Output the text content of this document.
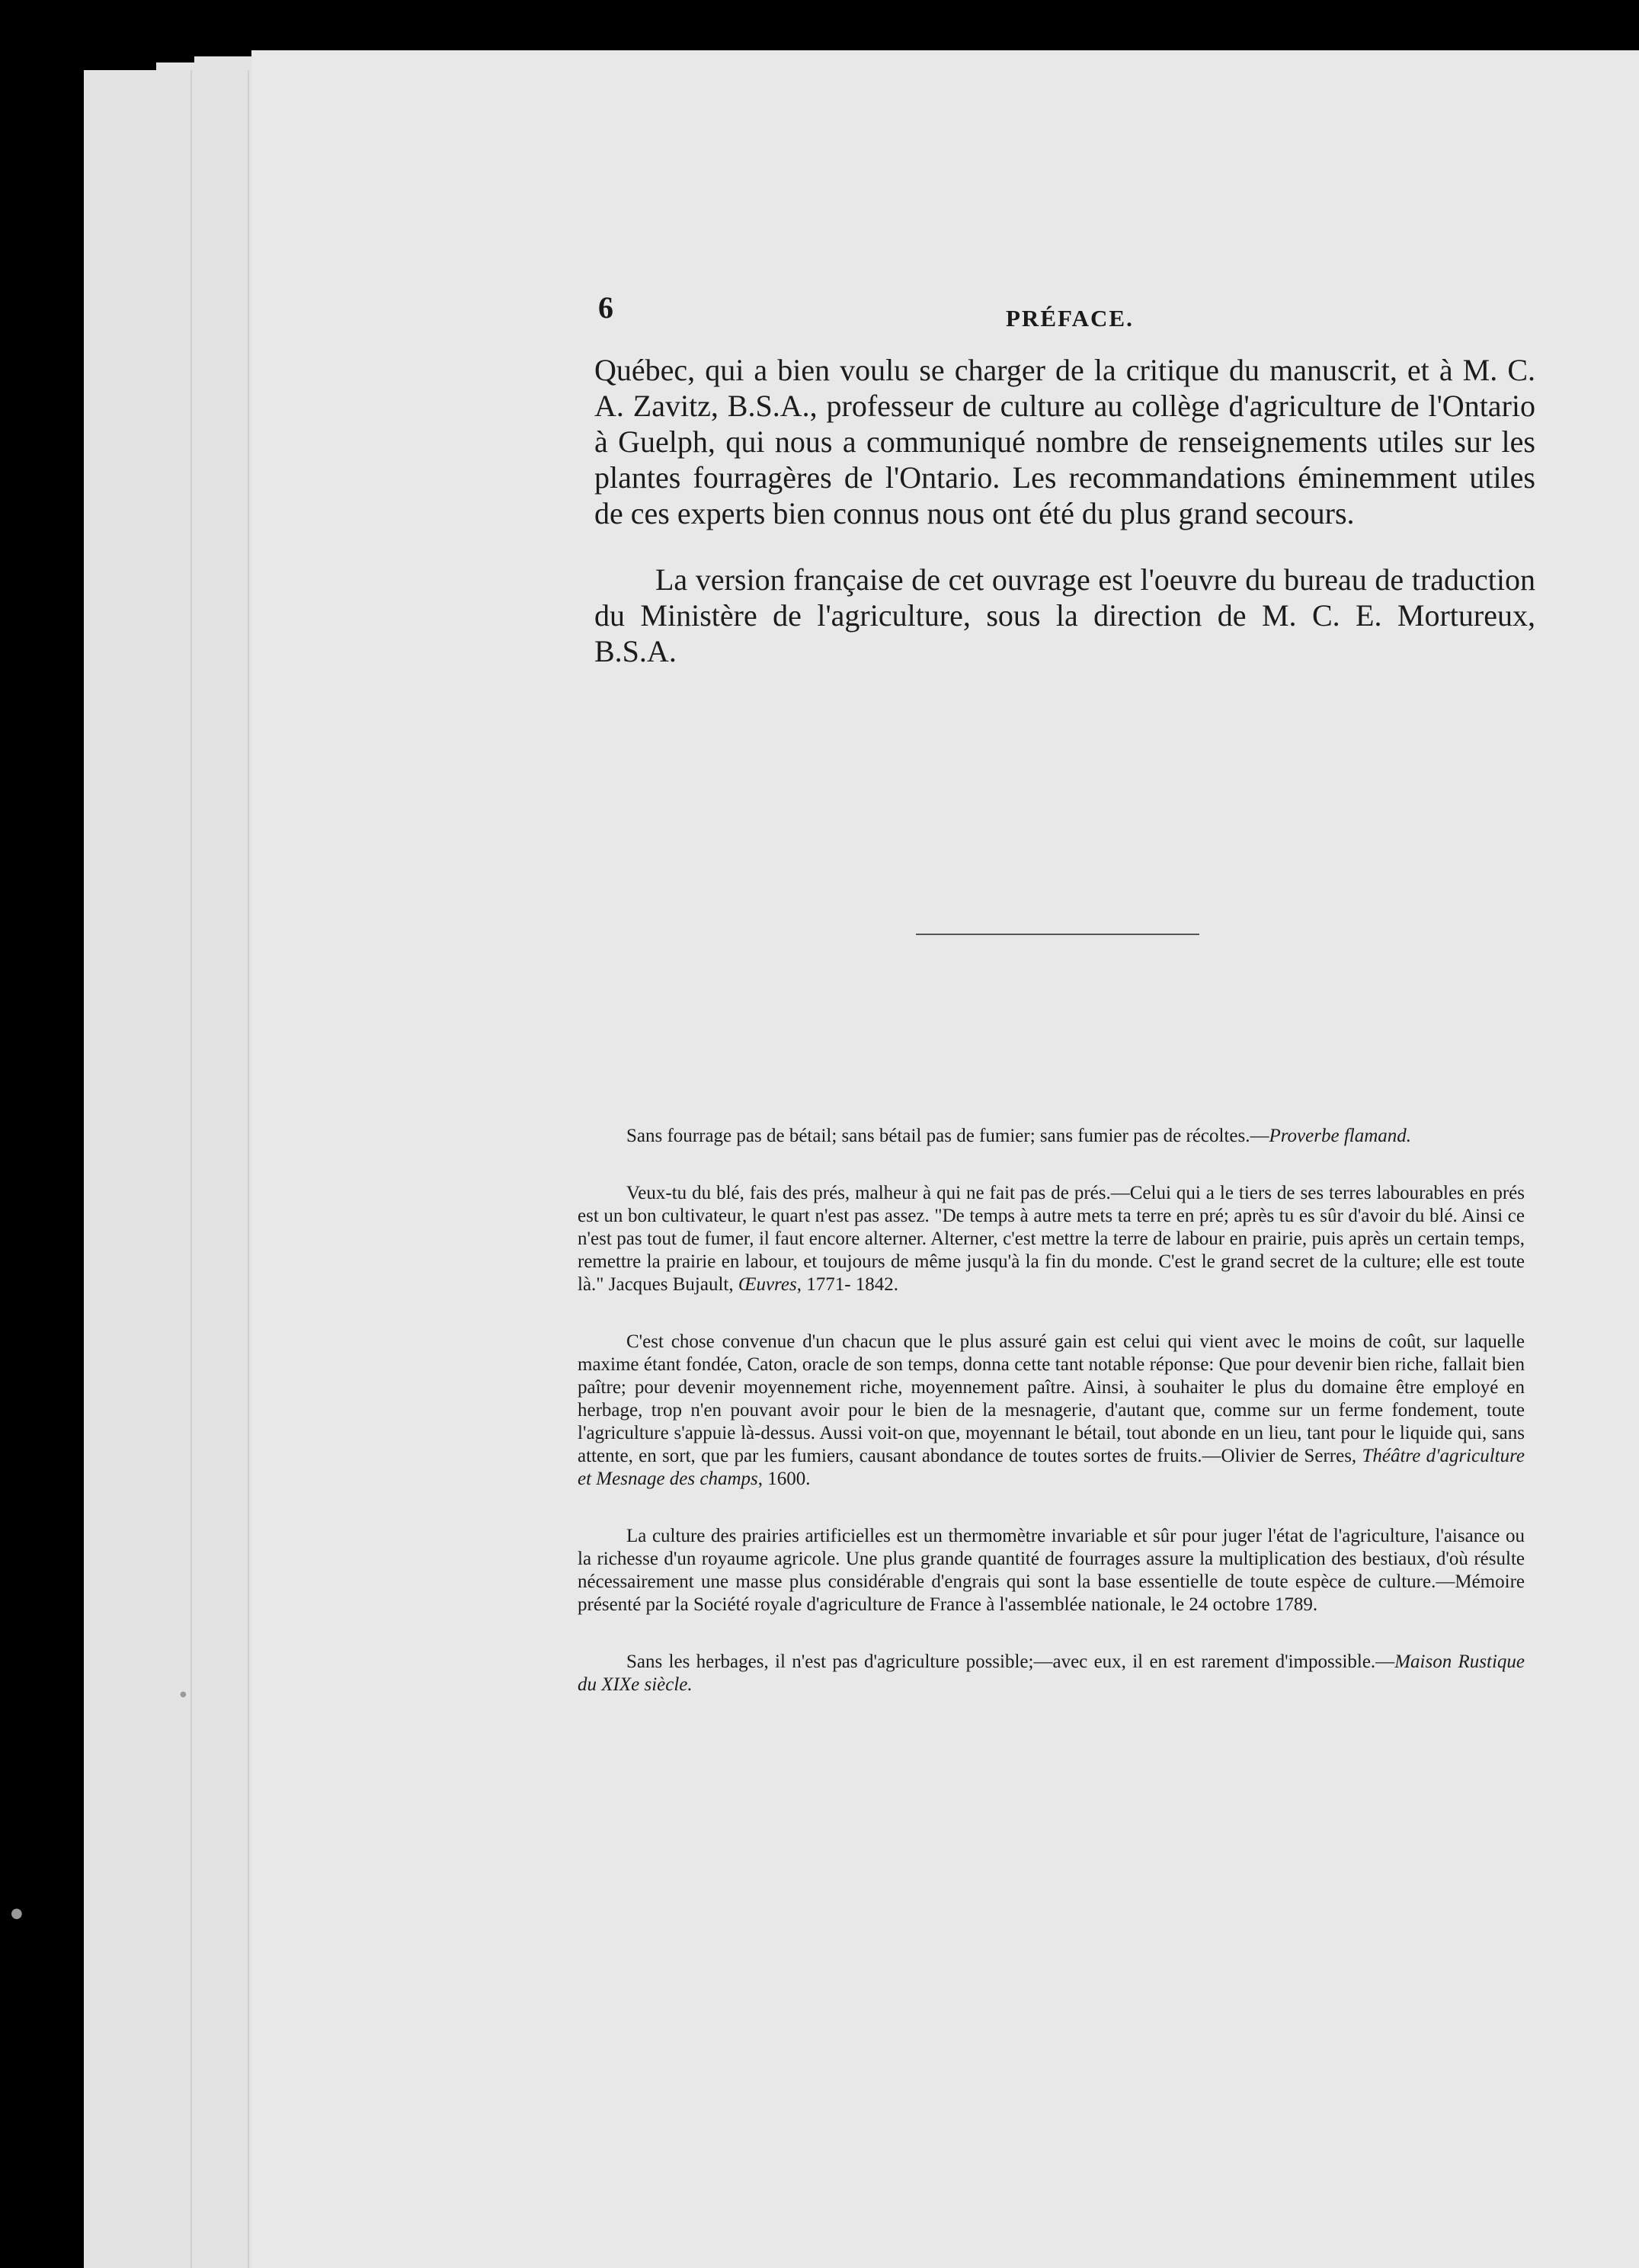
●
●
6	PRÉFACE.

Québec, qui a bien voulu se charger de la critique du manuscrit, et à M. C. A. Zavitz, B.S.A., professeur de culture au collège d'agriculture de l'Ontario à Guelph, qui nous a communiqué nombre de renseignements utiles sur les plantes fourragères de l'Ontario. Les recommandations éminemment utiles de ces experts bien connus nous ont été du plus grand secours.

La version française de cet ouvrage est l'oeuvre du bureau de traduction du Ministère de l'agriculture, sous la direction de M. C. E. Mortureux, B.S.A.

Sans fourrage pas de bétail; sans bétail pas de fumier; sans fumier pas de récoltes.—Proverbe flamand.

Veux-tu du blé, fais des prés, malheur à qui ne fait pas de prés.—Celui qui a le tiers de ses terres labourables en prés est un bon cultivateur, le quart n'est pas assez. "De temps à autre mets ta terre en pré; après tu es sûr d'avoir du blé. Ainsi ce n'est pas tout de fumer, il faut encore alterner. Alterner, c'est mettre la terre de labour en prairie, puis après un certain temps, remettre la prairie en labour, et toujours de même jusqu'à la fin du monde. C'est le grand secret de la culture; elle est toute là." Jacques Bujault, Œuvres, 1771- 1842.

C'est chose convenue d'un chacun que le plus assuré gain est celui qui vient avec le moins de coût, sur laquelle maxime étant fondée, Caton, oracle de son temps, donna cette tant notable réponse: Que pour devenir bien riche, fallait bien paître; pour devenir moyennement riche, moyennement paître. Ainsi, à souhaiter le plus du domaine être employé en herbage, trop n'en pouvant avoir pour le bien de la mesnagerie, d'autant que, comme sur un ferme fondement, toute l'agriculture s'appuie là-dessus. Aussi voit-on que, moyennant le bétail, tout abonde en un lieu, tant pour le liquide qui, sans attente, en sort, que par les fumiers, causant abondance de toutes sortes de fruits.—Olivier de Serres, Théâtre d'agriculture et Mesnage des champs, 1600.

La culture des prairies artificielles est un thermomètre invariable et sûr pour juger l'état de l'agriculture, l'aisance ou la richesse d'un royaume agricole. Une plus grande quantité de fourrages assure la multiplication des bestiaux, d'où résulte nécessairement une masse plus considérable d'engrais qui sont la base essentielle de toute espèce de culture.—Mémoire présenté par la Société royale d'agriculture de France à l'assemblée nationale, le 24 octobre 1789.

Sans les herbages, il n'est pas d'agriculture possible;—avec eux, il en est rarement d'impossible.—Maison Rustique du XIXe siècle.
